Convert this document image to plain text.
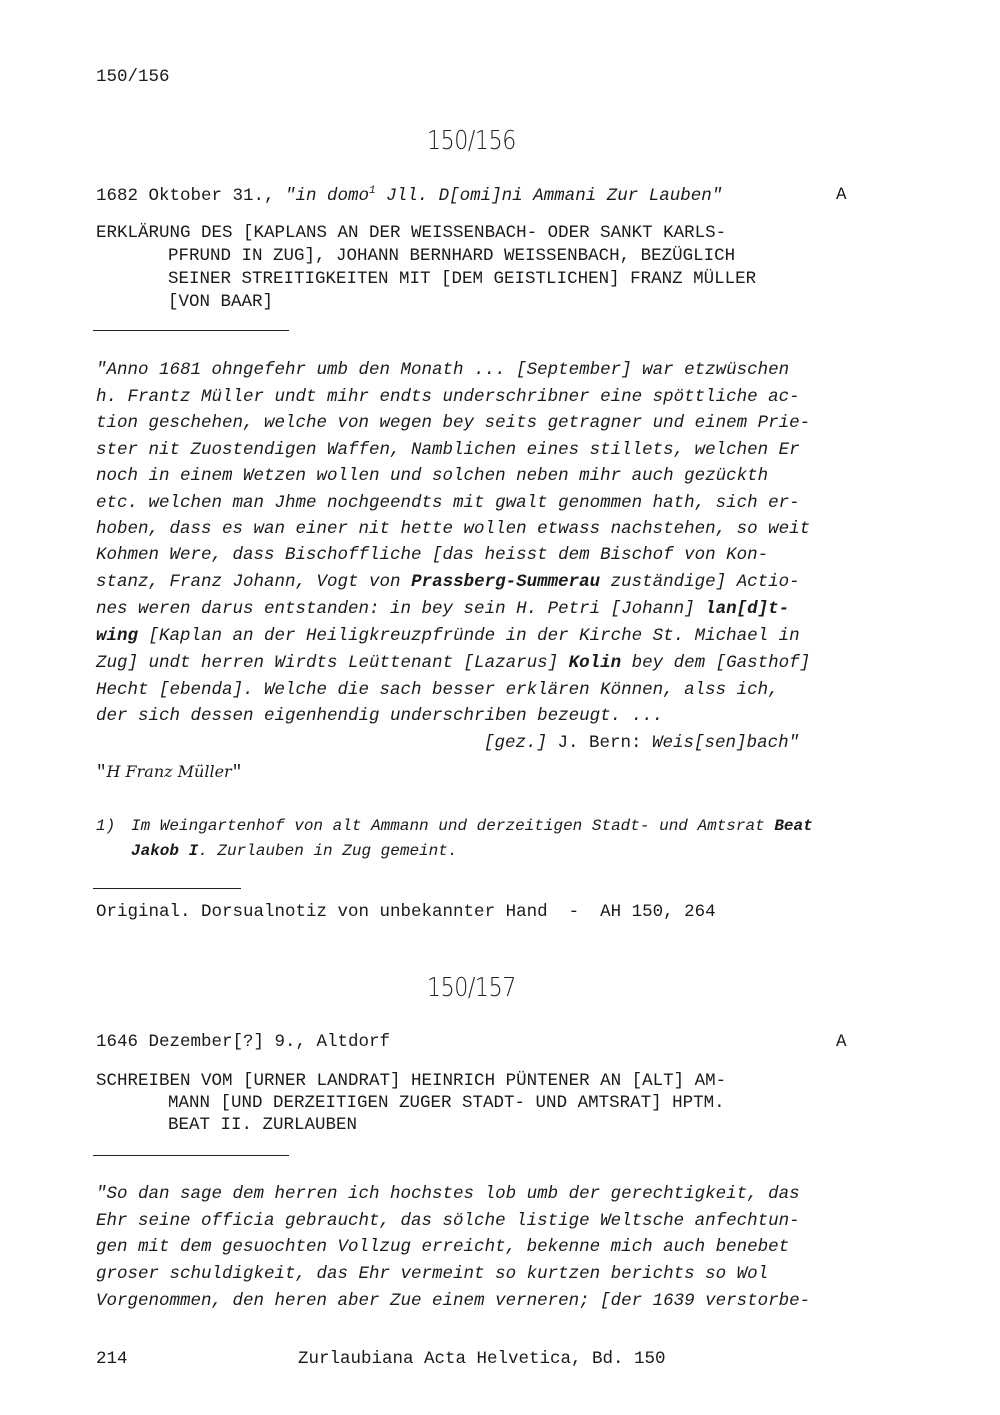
150/156
150/156
1682 Oktober 31., "in domo$^1$ Jll. D[omi]ni Ammani Zur Lauben"	A
ERKLÄRUNG DES [KAPLANS AN DER WEISSENBACH- ODER SANKT KARLS-
PFRUND IN ZUG], JOHANN BERNHARD WEISSENBACH, BEZÜGLICH
SEINER STREITIGKEITEN MIT [DEM GEISTLICHEN] FRANZ MÜLLER
[VON BAAR]
"Anno 1681 ohngefehr umb den Monath ... [September] war etzwüschen
h. Frantz Müller undt mihr endts underschribner eine spöttliche ac-
tion geschehen, welche von wegen bey seits getragner und einem Prie-
ster nit Zuostendigen Waffen, Namblichen eines stillets, welchen Er
noch in einem Wetzen wollen und solchen neben mihr auch gezückth
etc. welchen man Jhme nochgeendts mit gwalt genommen hath, sich er-
hoben, dass es wan einer nit hette wollen etwass nachstehen, so weit
Kohmen Were, dass Bischoffliche [das heisst dem Bischof von Kon-
stanz, Franz Johann, Vogt von Prassberg-Summerau zuständige] Actio-
nes weren darus entstanden: in bey sein H. Petri [Johann] lan[d]t-
wing [Kaplan an der Heiligkreuzpfründe in der Kirche St. Michael in
Zug] undt herren Wirdts Leüttenant [Lazarus] Kolin bey dem [Gasthof]
Hecht [ebenda]. Welche die sach besser erklären Können, alss ich,
der sich dessen eigenhendig underschriben bezeugt. ...
[gez.] J. Bern: Weis[sen]bach"
"H Franz Müller"
1) Im Weingartenhof von alt Ammann und derzeitigen Stadt- und Amtsrat Beat
Jakob I. Zurlauben in Zug gemeint.
Original. Dorsualnotiz von unbekannter Hand  -  AH 150, 264
150/157
1646 Dezember[?] 9., Altdorf	A
SCHREIBEN VOM [URNER LANDRAT] HEINRICH PÜNTENER AN [ALT] AM-
MANN [UND DERZEITIGEN ZUGER STADT- UND AMTSRAT] HPTM.
BEAT II. ZURLAUBEN
"So dan sage dem herren ich hochstes lob umb der gerechtigkeit, das
Ehr seine officia gebraucht, das sölche listige Weltsche anfechtun-
gen mit dem gesuochten Vollzug erreicht, bekenne mich auch benebet
groser schuldigkeit, das Ehr vermeint so kurtzen berichts so Wol
Vorgenommen, den heren aber Zue einem verneren; [der 1639 verstorbe-
214	Zurlaubiana Acta Helvetica, Bd. 150
